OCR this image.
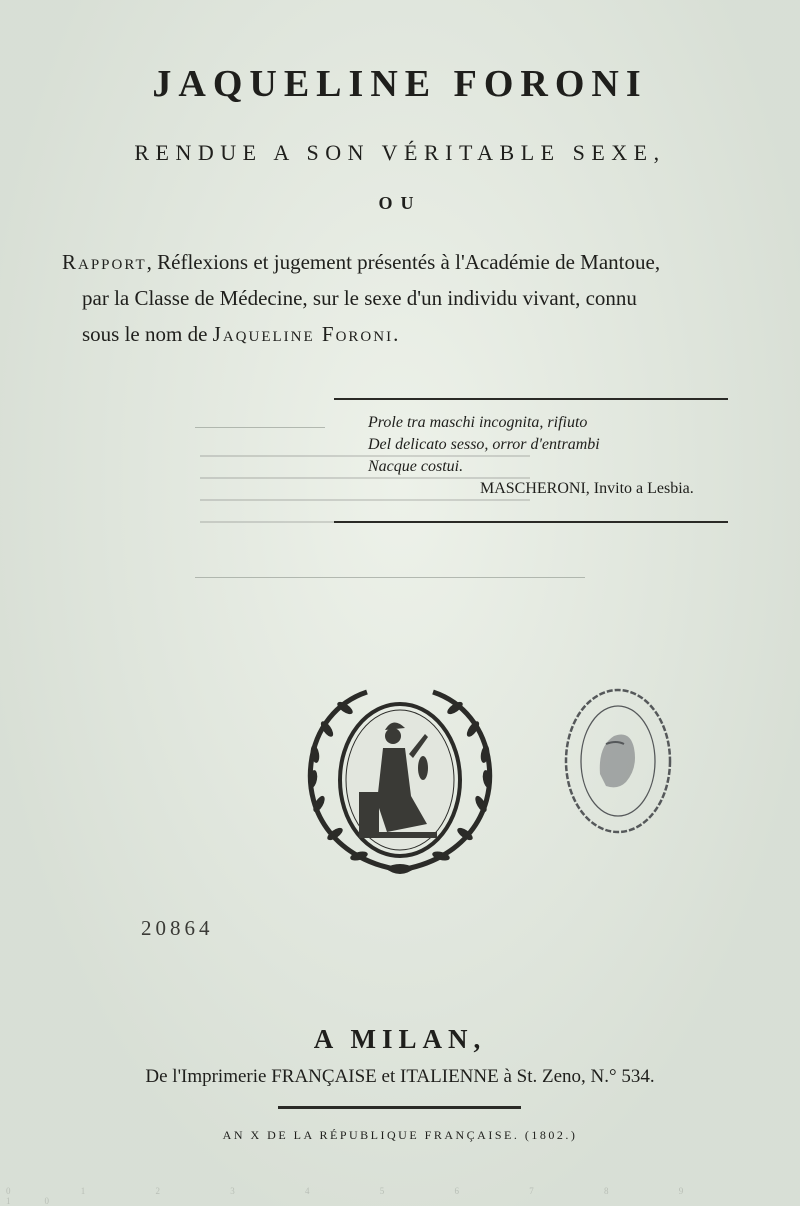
JAQUELINE FORONI
RENDUE A SON VÉRITABLE SEXE,
OU
Rapport, Réflexions et jugement présentés à l'Académie de Mantoue,
par la Classe de Médecine, sur le sexe d'un individu vivant, connu
sous le nom de Jaqueline Foroni.
Prole tra maschi incognita, rifiuto
Del delicato sesso, orror d'entrambi
Nacque costui.
MASCHERONI, Invito a Lesbia.
20864
A MILAN,
De l'Imprimerie FRANÇAISE et ITALIENNE à St. Zeno, N.° 534.
AN X DE LA RÉPUBLIQUE FRANÇAISE. (1802.)
0 1 2 3 4 5 6 7 8 9 10
